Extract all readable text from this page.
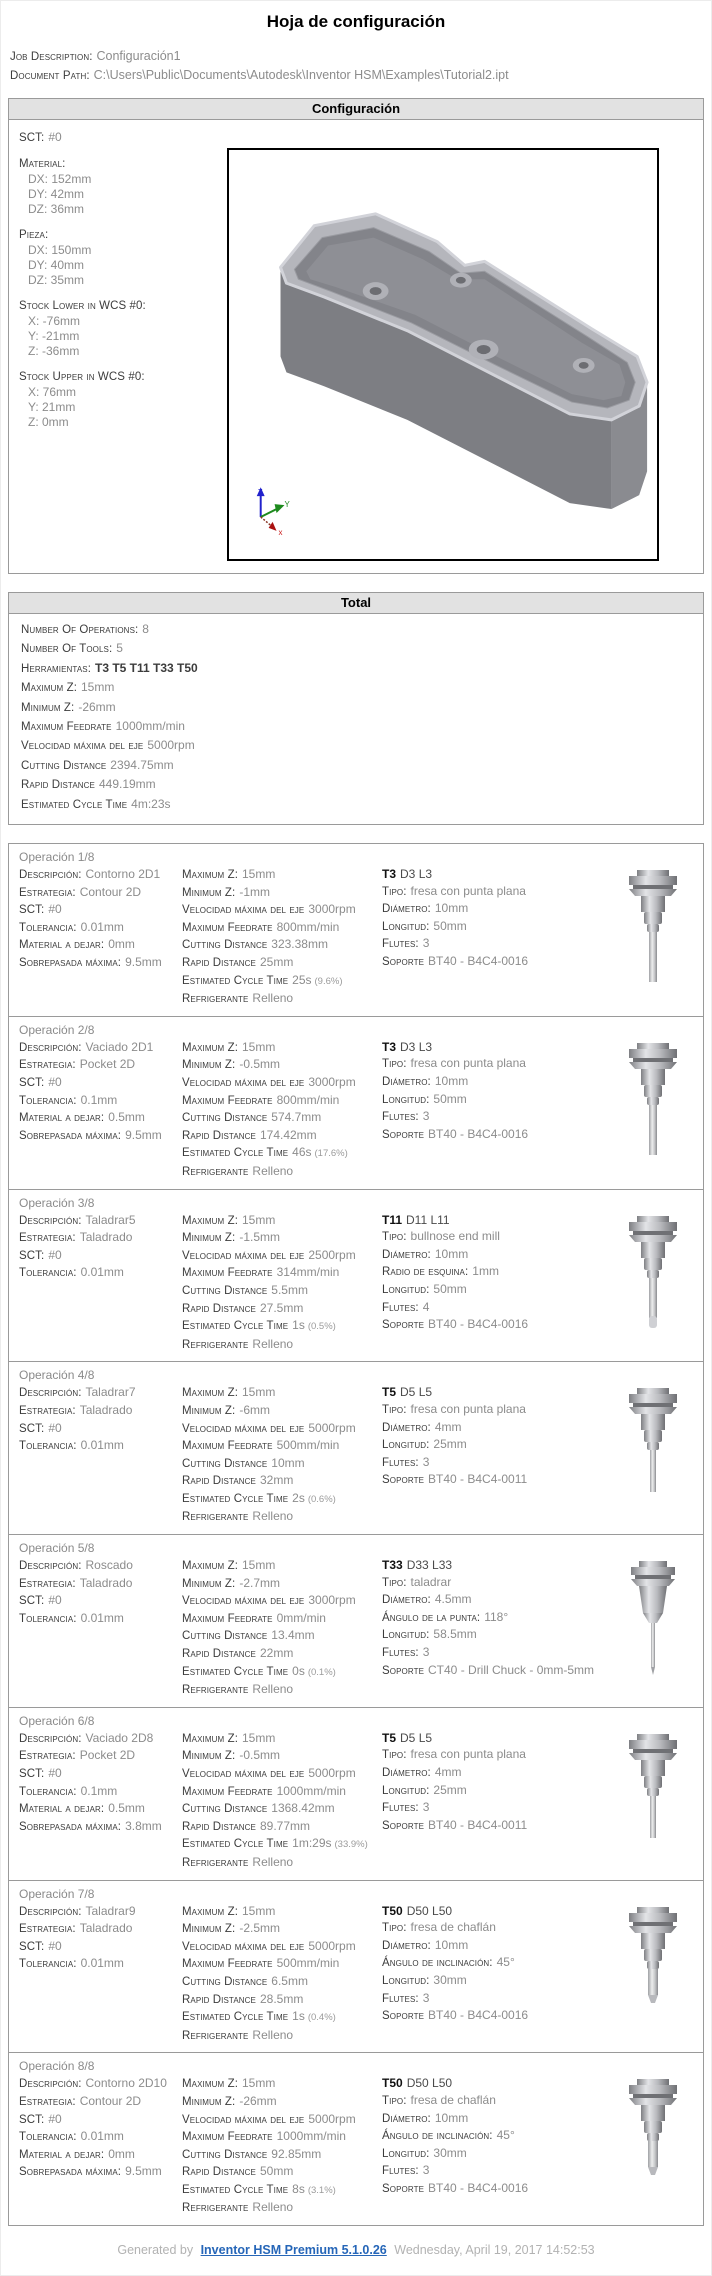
Hoja de configuración
Job Description: Configuración1
Document Path: C:\Users\Public\Documents\Autodesk\Inventor HSM\Examples\Tutorial2.ipt
Configuración
SCT: #0
Material:
DX: 152mm
DY: 42mm
DZ: 36mm
Pieza:
DX: 150mm
DY: 40mm
DZ: 35mm
Stock Lower in WCS #0:
X: -76mm
Y: -21mm
Z: -36mm
Stock Upper in WCS #0:
X: 76mm
Y: 21mm
Z: 0mm
Z
Y
x
Total
Number Of Operations: 8
Number Of Tools: 5
Herramientas: T3 T5 T11 T33 T50
Maximum Z: 15mm
Minimum Z: -26mm
Maximum Feedrate 1000mm/min
Velocidad máxima del eje 5000rpm
Cutting Distance 2394.75mm
Rapid Distance 449.19mm
Estimated Cycle Time 4m:23s
Operación 1/8
Descripción: Contorno 2D1
Estrategia: Contour 2D
SCT: #0
Tolerancia: 0.01mm
Material a dejar: 0mm
Sobrepasada máxima: 9.5mm
Maximum Z: 15mm
Minimum Z: -1mm
Velocidad máxima del eje 3000rpm
Maximum Feedrate 800mm/min
Cutting Distance 323.38mm
Rapid Distance 25mm
Estimated Cycle Time 25s (9.6%)
Refrigerante Relleno
T3 D3 L3
Tipo: fresa con punta plana
Diámetro: 10mm
Longitud: 50mm
Flutes: 3
Soporte BT40 - B4C4-0016
Operación 2/8
Descripción: Vaciado 2D1
Estrategia: Pocket 2D
SCT: #0
Tolerancia: 0.1mm
Material a dejar: 0.5mm
Sobrepasada máxima: 9.5mm
Maximum Z: 15mm
Minimum Z: -0.5mm
Velocidad máxima del eje 3000rpm
Maximum Feedrate 800mm/min
Cutting Distance 574.7mm
Rapid Distance 174.42mm
Estimated Cycle Time 46s (17.6%)
Refrigerante Relleno
T3 D3 L3
Tipo: fresa con punta plana
Diámetro: 10mm
Longitud: 50mm
Flutes: 3
Soporte BT40 - B4C4-0016
Operación 3/8
Descripción: Taladrar5
Estrategia: Taladrado
SCT: #0
Tolerancia: 0.01mm
Maximum Z: 15mm
Minimum Z: -1.5mm
Velocidad máxima del eje 2500rpm
Maximum Feedrate 314mm/min
Cutting Distance 5.5mm
Rapid Distance 27.5mm
Estimated Cycle Time 1s (0.5%)
Refrigerante Relleno
T11 D11 L11
Tipo: bullnose end mill
Diámetro: 10mm
Radio de esquina: 1mm
Longitud: 50mm
Flutes: 4
Soporte BT40 - B4C4-0016
Operación 4/8
Descripción: Taladrar7
Estrategia: Taladrado
SCT: #0
Tolerancia: 0.01mm
Maximum Z: 15mm
Minimum Z: -6mm
Velocidad máxima del eje 5000rpm
Maximum Feedrate 500mm/min
Cutting Distance 10mm
Rapid Distance 32mm
Estimated Cycle Time 2s (0.6%)
Refrigerante Relleno
T5 D5 L5
Tipo: fresa con punta plana
Diámetro: 4mm
Longitud: 25mm
Flutes: 3
Soporte BT40 - B4C4-0011
Operación 5/8
Descripción: Roscado
Estrategia: Taladrado
SCT: #0
Tolerancia: 0.01mm
Maximum Z: 15mm
Minimum Z: -2.7mm
Velocidad máxima del eje 3000rpm
Maximum Feedrate 0mm/min
Cutting Distance 13.4mm
Rapid Distance 22mm
Estimated Cycle Time 0s (0.1%)
Refrigerante Relleno
T33 D33 L33
Tipo: taladrar
Diámetro: 4.5mm
Ángulo de la punta: 118°
Longitud: 58.5mm
Flutes: 3
Soporte CT40 - Drill Chuck - 0mm-5mm
Operación 6/8
Descripción: Vaciado 2D8
Estrategia: Pocket 2D
SCT: #0
Tolerancia: 0.1mm
Material a dejar: 0.5mm
Sobrepasada máxima: 3.8mm
Maximum Z: 15mm
Minimum Z: -0.5mm
Velocidad máxima del eje 5000rpm
Maximum Feedrate 1000mm/min
Cutting Distance 1368.42mm
Rapid Distance 89.77mm
Estimated Cycle Time 1m:29s (33.9%)
Refrigerante Relleno
T5 D5 L5
Tipo: fresa con punta plana
Diámetro: 4mm
Longitud: 25mm
Flutes: 3
Soporte BT40 - B4C4-0011
Operación 7/8
Descripción: Taladrar9
Estrategia: Taladrado
SCT: #0
Tolerancia: 0.01mm
Maximum Z: 15mm
Minimum Z: -2.5mm
Velocidad máxima del eje 5000rpm
Maximum Feedrate 500mm/min
Cutting Distance 6.5mm
Rapid Distance 28.5mm
Estimated Cycle Time 1s (0.4%)
Refrigerante Relleno
T50 D50 L50
Tipo: fresa de chaflán
Diámetro: 10mm
Ángulo de inclinación: 45°
Longitud: 30mm
Flutes: 3
Soporte BT40 - B4C4-0016
Operación 8/8
Descripción: Contorno 2D10
Estrategia: Contour 2D
SCT: #0
Tolerancia: 0.01mm
Material a dejar: 0mm
Sobrepasada máxima: 9.5mm
Maximum Z: 15mm
Minimum Z: -26mm
Velocidad máxima del eje 5000rpm
Maximum Feedrate 1000mm/min
Cutting Distance 92.85mm
Rapid Distance 50mm
Estimated Cycle Time 8s (3.1%)
Refrigerante Relleno
T50 D50 L50
Tipo: fresa de chaflán
Diámetro: 10mm
Ángulo de inclinación: 45°
Longitud: 30mm
Flutes: 3
Soporte BT40 - B4C4-0016
Generated by Inventor HSM Premium 5.1.0.26 Wednesday, April 19, 2017 14:52:53
